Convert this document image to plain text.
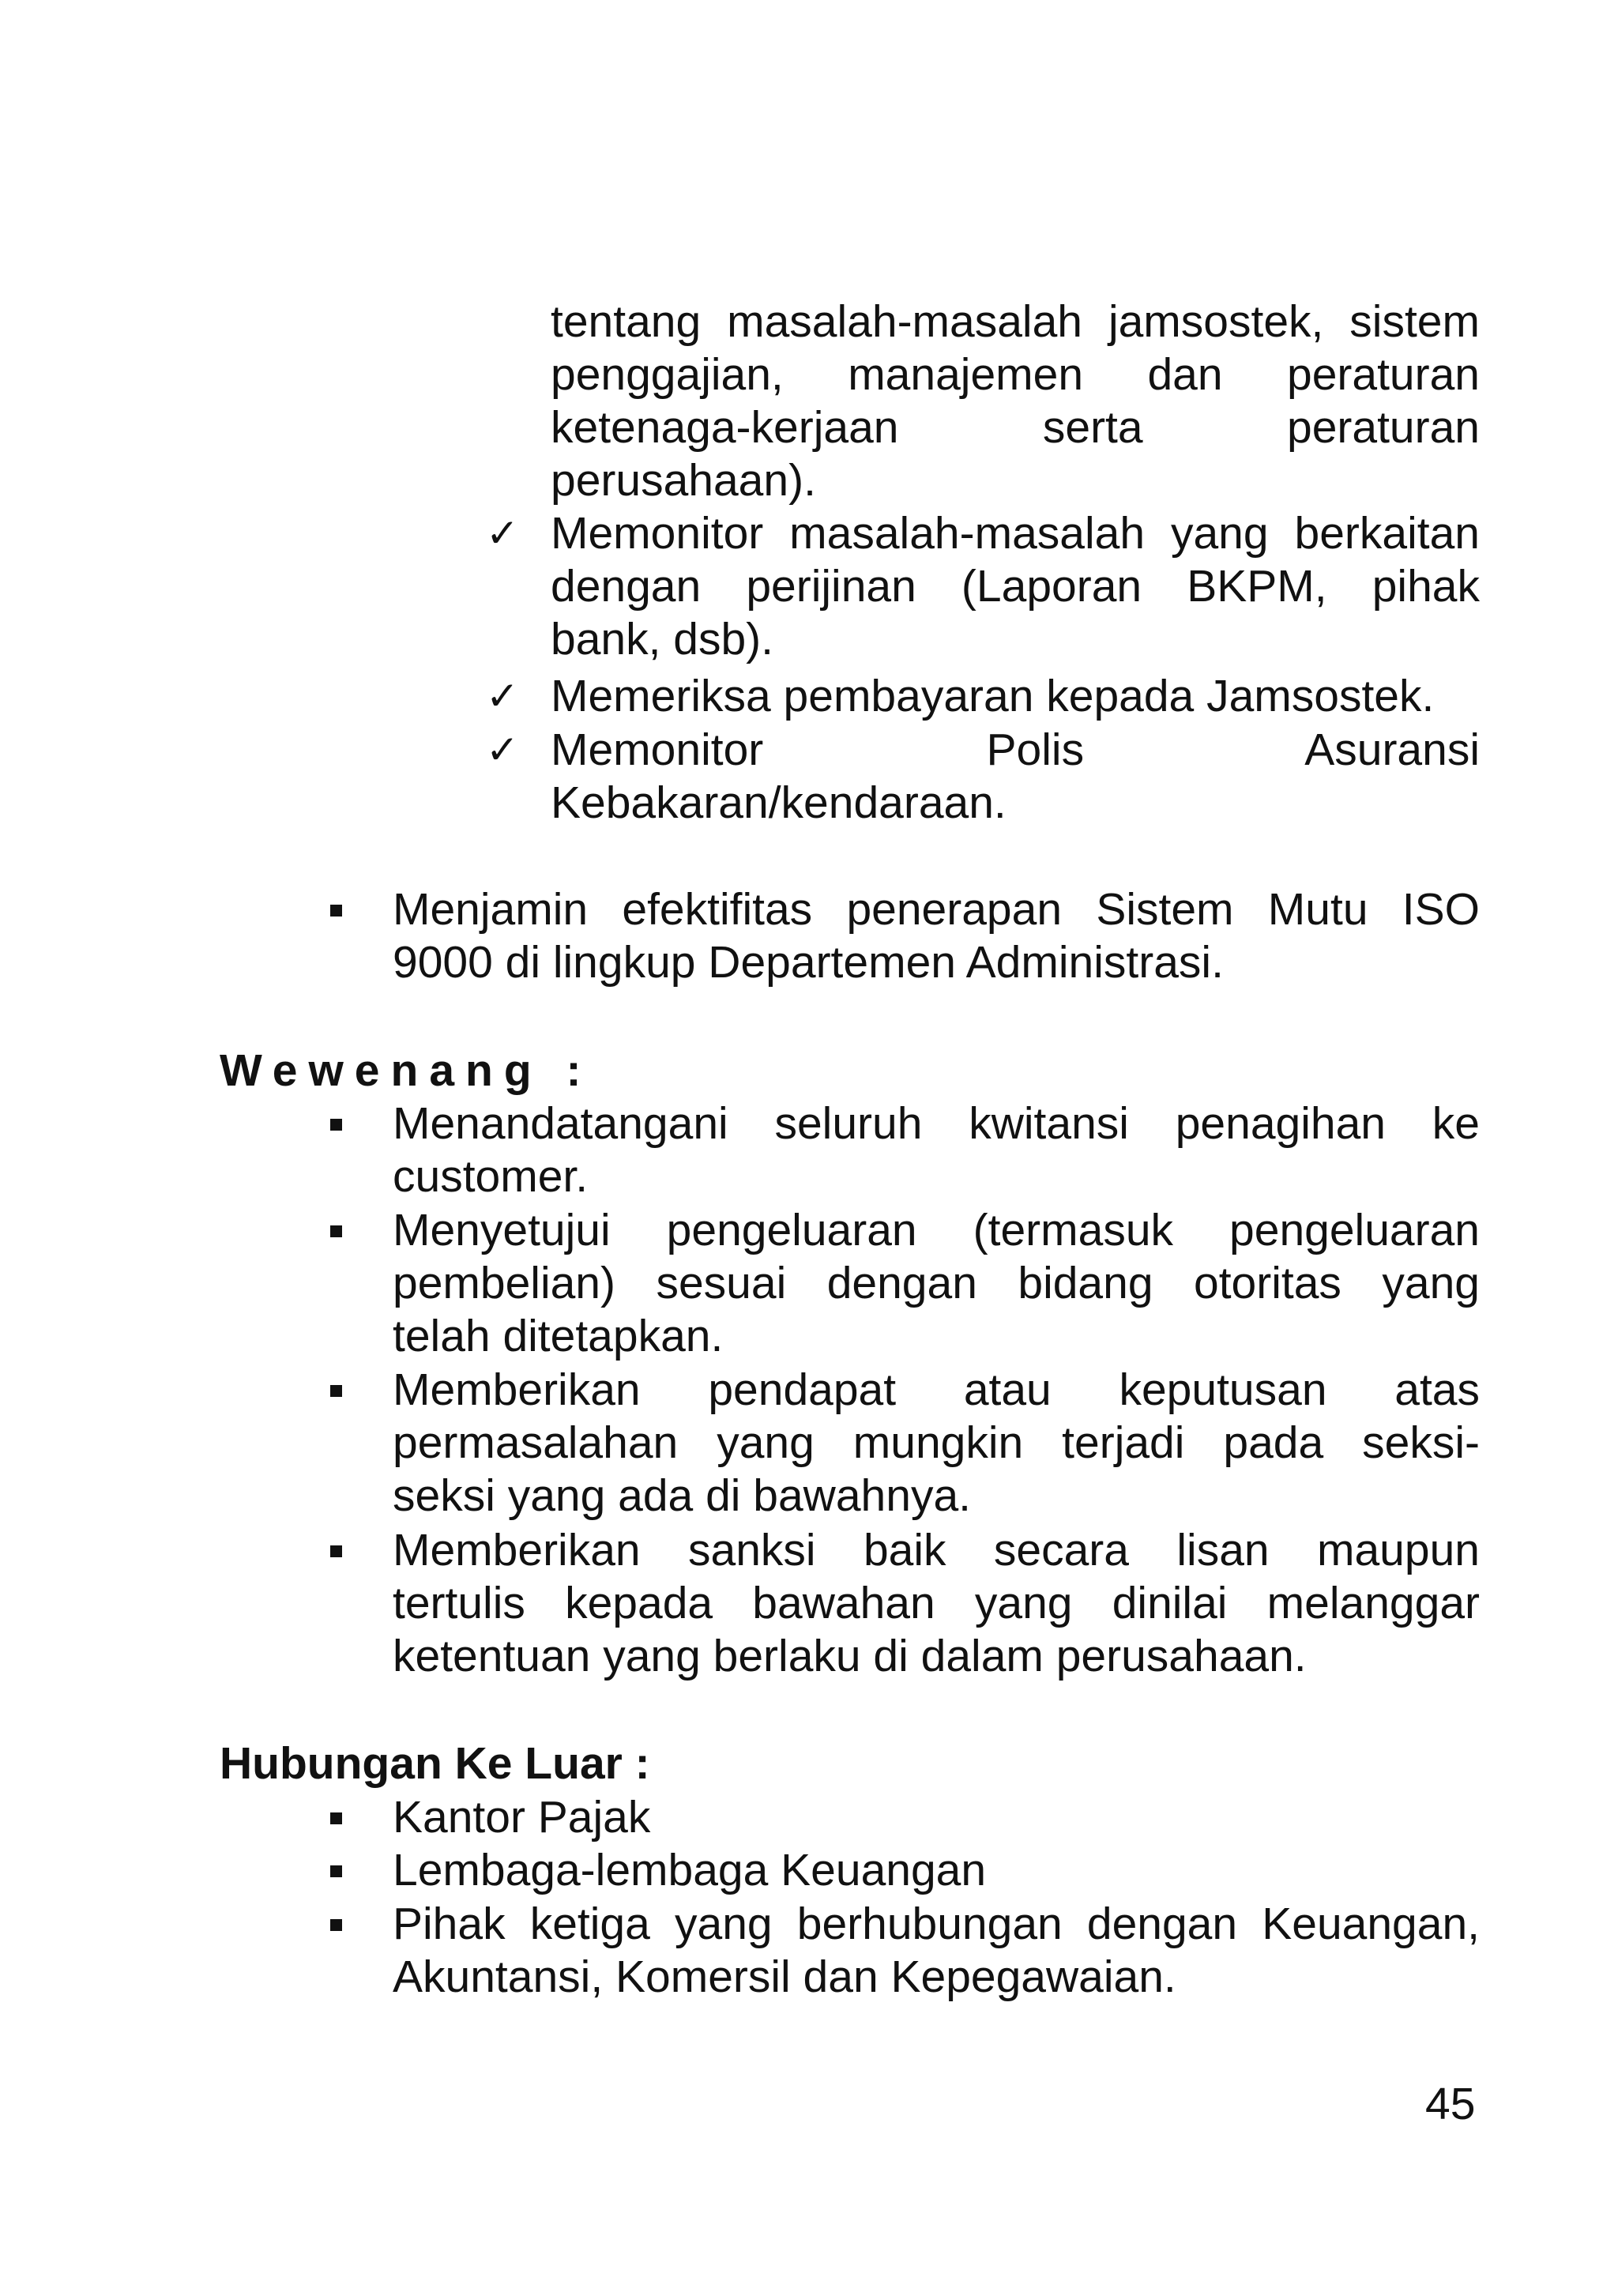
tentang masalah-masalah jamsostek, sistem
penggajian, manajemen dan peraturan
ketenaga-kerjaan serta peraturan
perusahaan).
✓ Memonitor masalah-masalah yang berkaitan
dengan perijinan (Laporan BKPM, pihak
bank, dsb).
✓ Memeriksa pembayaran kepada Jamsostek.
✓ Memonitor Polis Asuransi
Kebakaran/kendaraan.
Menjamin efektifitas penerapan Sistem Mutu ISO
9000 di lingkup Departemen Administrasi.
Wewenang :
Menandatangani seluruh kwitansi penagihan ke
customer.
Menyetujui pengeluaran (termasuk pengeluaran
pembelian) sesuai dengan bidang otoritas yang
telah ditetapkan.
Memberikan pendapat atau keputusan atas
permasalahan yang mungkin terjadi pada seksi-
seksi yang ada di bawahnya.
Memberikan sanksi baik secara lisan maupun
tertulis kepada bawahan yang dinilai melanggar
ketentuan yang berlaku di dalam perusahaan.
Hubungan Ke Luar :
Kantor Pajak
Lembaga-lembaga Keuangan
Pihak ketiga yang berhubungan dengan Keuangan,
Akuntansi, Komersil dan Kepegawaian.
45
